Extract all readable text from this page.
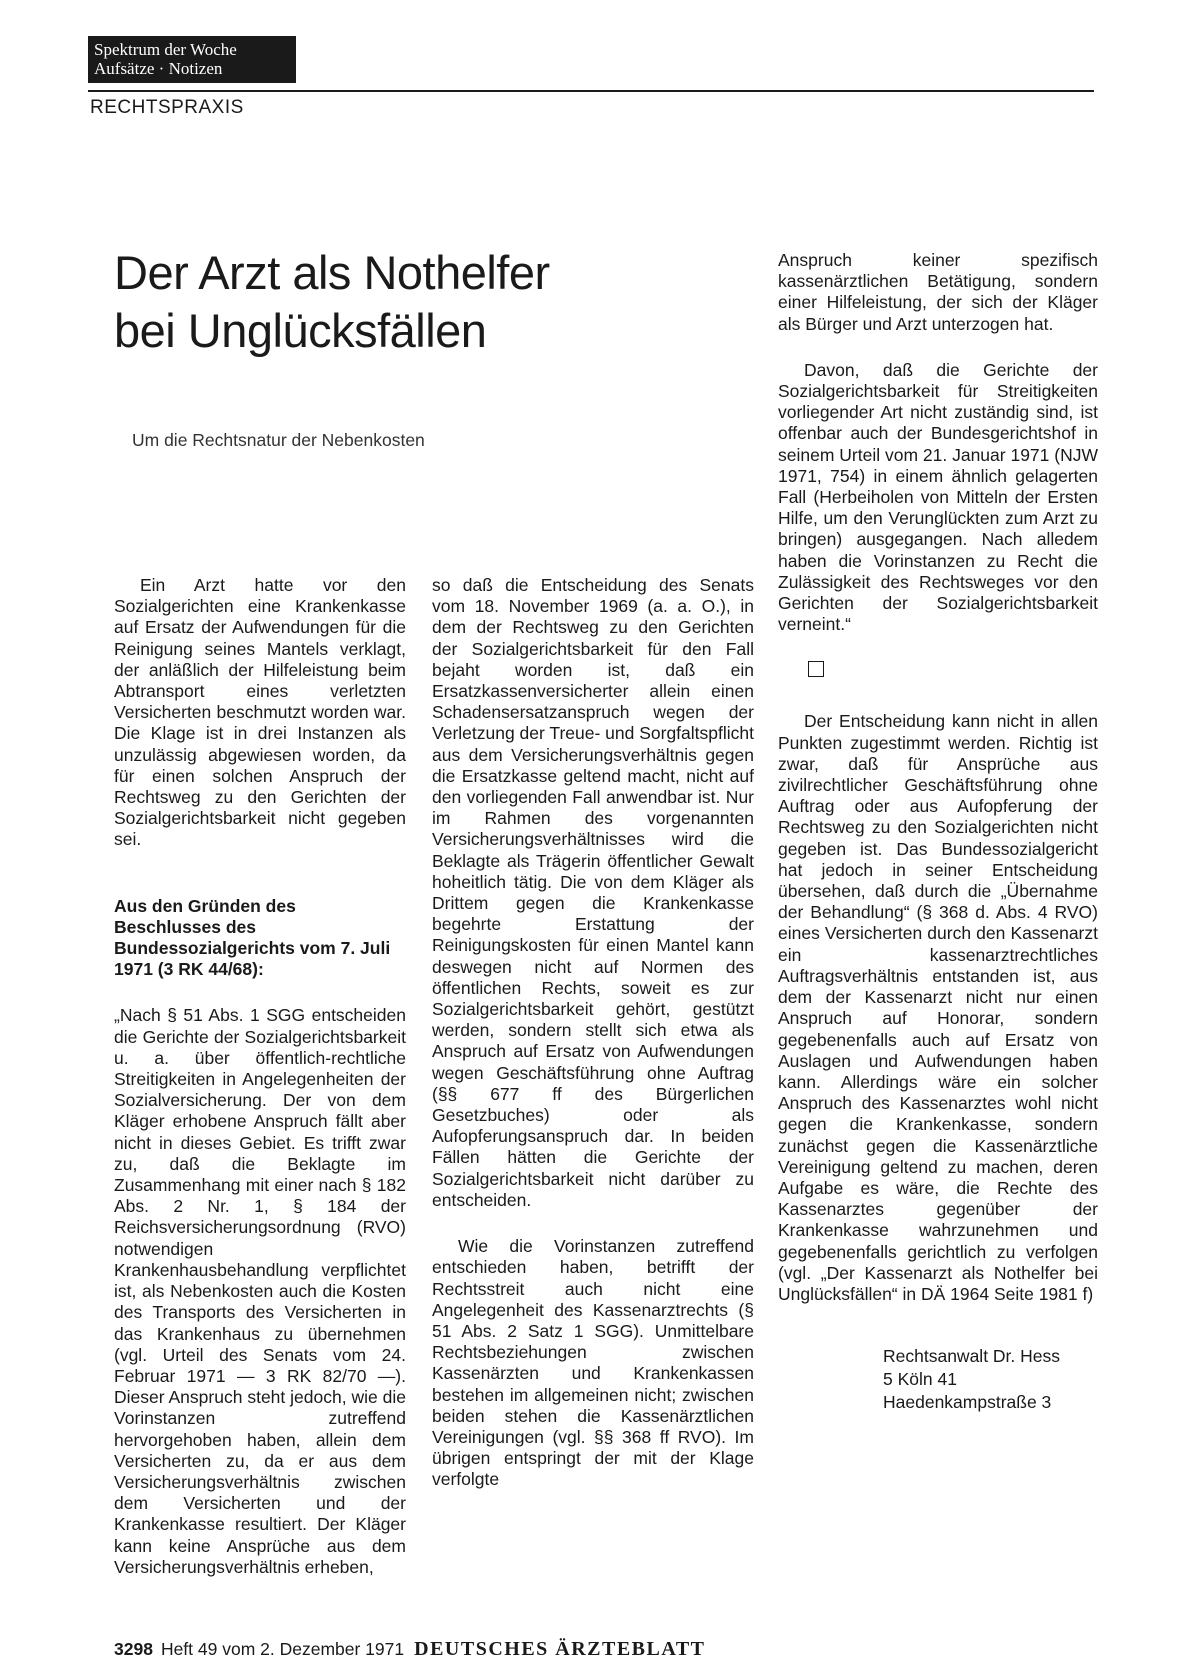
Spektrum der Woche
Aufsätze · Notizen
RECHTSPRAXIS
Der Arzt als Nothelfer
bei Unglücksfällen
Um die Rechtsnatur der Nebenkosten

Ein Arzt hatte vor den Sozialgerichten eine Krankenkasse auf Ersatz der Aufwendungen für die Reinigung seines Mantels verklagt, der anläßlich der Hilfeleistung beim Abtransport eines verletzten Versicherten beschmutzt worden war. Die Klage ist in drei Instanzen als unzulässig abgewiesen worden, da für einen solchen Anspruch der Rechtsweg zu den Gerichten der Sozialgerichtsbarkeit nicht gegeben sei.

Aus den Gründen des Beschlusses des Bundessozialgerichts vom 7. Juli 1971 (3 RK 44/68):

„Nach § 51 Abs. 1 SGG entscheiden die Gerichte der Sozialgerichtsbarkeit u. a. über öffentlich-rechtliche Streitigkeiten in Angelegenheiten der Sozialversicherung. Der von dem Kläger erhobene Anspruch fällt aber nicht in dieses Gebiet. Es trifft zwar zu, daß die Beklagte im Zusammenhang mit einer nach § 182 Abs. 2 Nr. 1, § 184 der Reichsversicherungsordnung (RVO) notwendigen Krankenhausbehandlung verpflichtet ist, als Nebenkosten auch die Kosten des Transports des Versicherten in das Krankenhaus zu übernehmen (vgl. Urteil des Senats vom 24. Februar 1971 — 3 RK 82/70 —). Dieser Anspruch steht jedoch, wie die Vorinstanzen zutreffend hervorgehoben haben, allein dem Versicherten zu, da er aus dem Versicherungsverhältnis zwischen dem Versicherten und der Krankenkasse resultiert. Der Kläger kann keine Ansprüche aus dem Versicherungsverhältnis erheben,

so daß die Entscheidung des Senats vom 18. November 1969 (a. a. O.), in dem der Rechtsweg zu den Gerichten der Sozialgerichtsbarkeit für den Fall bejaht worden ist, daß ein Ersatzkassenversicherter allein einen Schadensersatzanspruch wegen der Verletzung der Treue- und Sorgfaltspflicht aus dem Versicherungsverhältnis gegen die Ersatzkasse geltend macht, nicht auf den vorliegenden Fall anwendbar ist. Nur im Rahmen des vorgenannten Versicherungsverhältnisses wird die Beklagte als Trägerin öffentlicher Gewalt hoheitlich tätig. Die von dem Kläger als Drittem gegen die Krankenkasse begehrte Erstattung der Reinigungskosten für einen Mantel kann deswegen nicht auf Normen des öffentlichen Rechts, soweit es zur Sozialgerichtsbarkeit gehört, gestützt werden, sondern stellt sich etwa als Anspruch auf Ersatz von Aufwendungen wegen Geschäftsführung ohne Auftrag (§§ 677 ff des Bürgerlichen Gesetzbuches) oder als Aufopferungsanspruch dar. In beiden Fällen hätten die Gerichte der Sozialgerichtsbarkeit nicht darüber zu entscheiden.

Wie die Vorinstanzen zutreffend entschieden haben, betrifft der Rechtsstreit auch nicht eine Angelegenheit des Kassenarztrechts (§ 51 Abs. 2 Satz 1 SGG). Unmittelbare Rechtsbeziehungen zwischen Kassenärzten und Krankenkassen bestehen im allgemeinen nicht; zwischen beiden stehen die Kassenärztlichen Vereinigungen (vgl. §§ 368 ff RVO). Im übrigen entspringt der mit der Klage verfolgte

Anspruch keiner spezifisch kassenärztlichen Betätigung, sondern einer Hilfeleistung, der sich der Kläger als Bürger und Arzt unterzogen hat.

Davon, daß die Gerichte der Sozialgerichtsbarkeit für Streitigkeiten vorliegender Art nicht zuständig sind, ist offenbar auch der Bundesgerichtshof in seinem Urteil vom 21. Januar 1971 (NJW 1971, 754) in einem ähnlich gelagerten Fall (Herbeiholen von Mitteln der Ersten Hilfe, um den Verunglückten zum Arzt zu bringen) ausgegangen. Nach alledem haben die Vorinstanzen zu Recht die Zulässigkeit des Rechtsweges vor den Gerichten der Sozialgerichtsbarkeit verneint.“

Der Entscheidung kann nicht in allen Punkten zugestimmt werden. Richtig ist zwar, daß für Ansprüche aus zivilrechtlicher Geschäftsführung ohne Auftrag oder aus Aufopferung der Rechtsweg zu den Sozialgerichten nicht gegeben ist. Das Bundessozialgericht hat jedoch in seiner Entscheidung übersehen, daß durch die „Übernahme der Behandlung“ (§ 368 d. Abs. 4 RVO) eines Versicherten durch den Kassenarzt ein kassenarztrechtliches Auftragsverhältnis entstanden ist, aus dem der Kassenarzt nicht nur einen Anspruch auf Honorar, sondern gegebenenfalls auch auf Ersatz von Auslagen und Aufwendungen haben kann. Allerdings wäre ein solcher Anspruch des Kassenarztes wohl nicht gegen die Krankenkasse, sondern zunächst gegen die Kassenärztliche Vereinigung geltend zu machen, deren Aufgabe es wäre, die Rechte des Kassenarztes gegenüber der Krankenkasse wahrzunehmen und gegebenenfalls gerichtlich zu verfolgen (vgl. „Der Kassenarzt als Nothelfer bei Unglücksfällen“ in DÄ 1964 Seite 1981 f)

Rechtsanwalt Dr. Hess
5 Köln 41
Haedenkampstraße 3
3298 Heft 49 vom 2. Dezember 1971 DEUTSCHES ÄRZTEBLATT
